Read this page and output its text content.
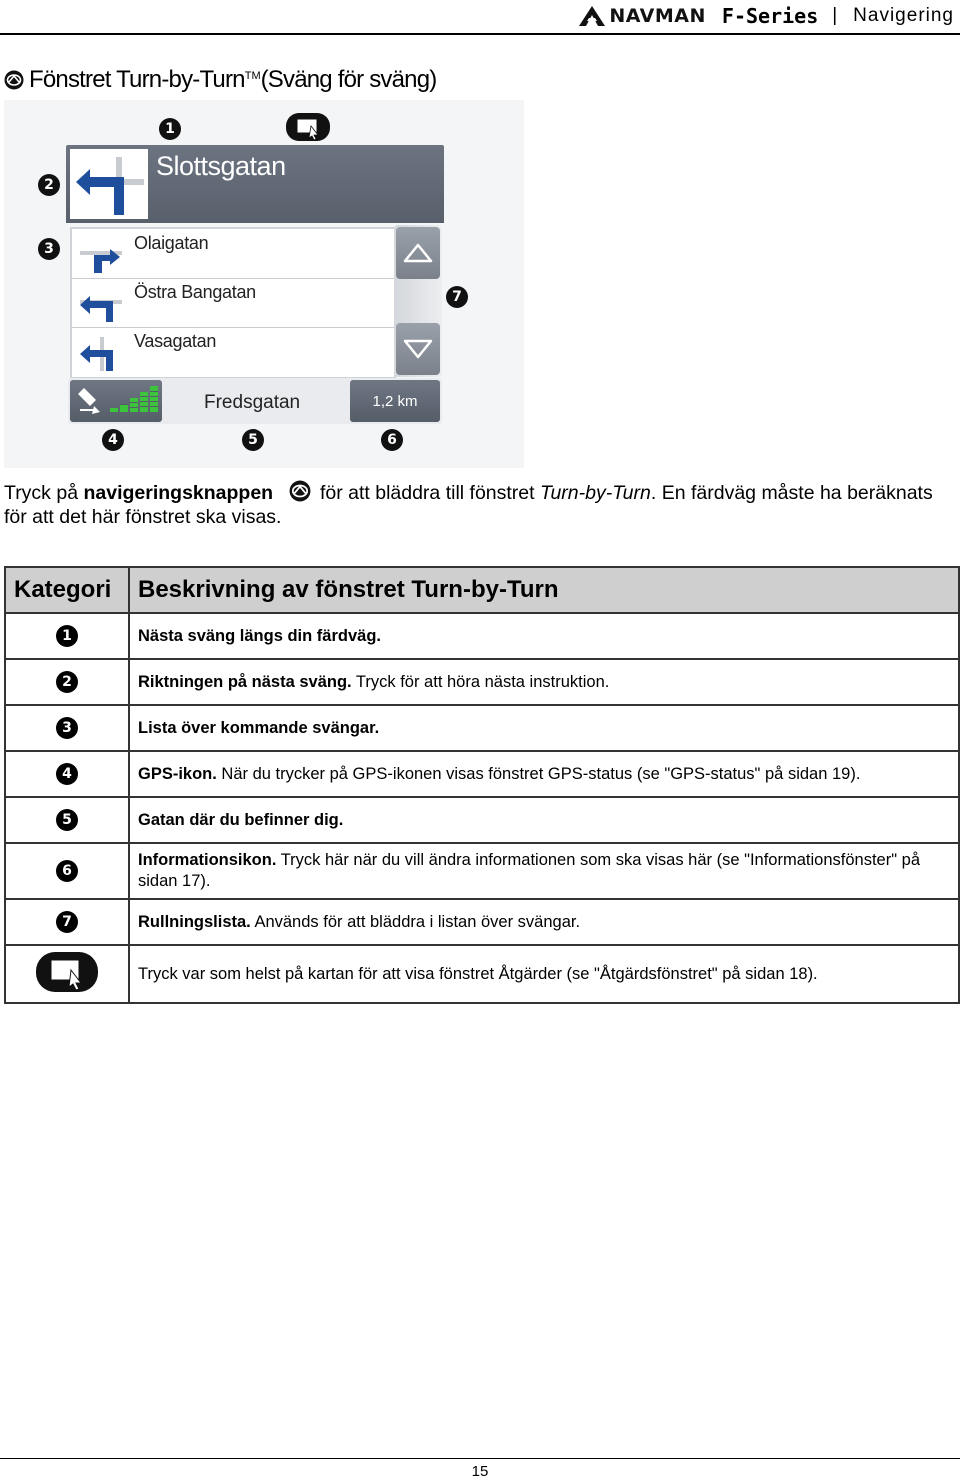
NAVMAN F-Series | Navigering
Fönstret Turn-by-Turn TM (Sväng för sväng)
1
2
3
4	5	6
7
Slottsgatan
Olaigatan
Östra Bangatan
Vasagatan
Fredsgatan	1,2 km
Tryck på navigeringsknappen  för att bläddra till fönstret Turn-by-Turn. En färdväg måste ha beräknats för att det här fönstret ska visas.
Kategori	Beskrivning av fönstret Turn-by-Turn
1	Nästa sväng längs din färdväg.
2	Riktningen på nästa sväng. Tryck för att höra nästa instruktion.
3	Lista över kommande svängar.
4	GPS-ikon. När du trycker på GPS-ikonen visas fönstret GPS-status (se "GPS-status" på sidan 19).
5	Gatan där du befinner dig.
6	Informationsikon. Tryck här när du vill ändra informationen som ska visas här (se "Informationsfönster" på sidan 17).
7	Rullningslista. Används för att bläddra i listan över svängar.
	Tryck var som helst på kartan för att visa fönstret Åtgärder (se "Åtgärdsfönstret" på sidan 18).
15
